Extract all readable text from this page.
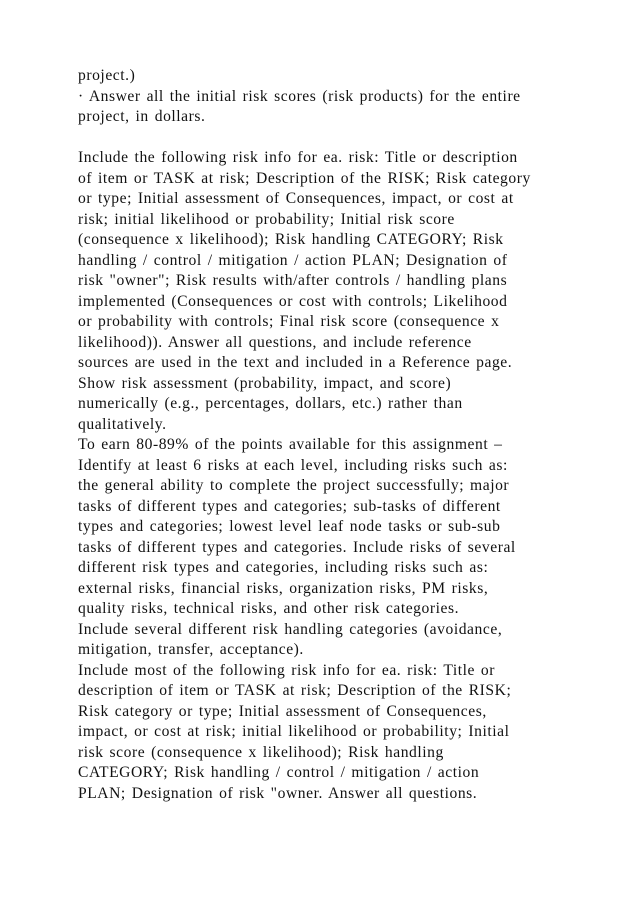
project.)
· Answer all the initial risk scores (risk products) for the entire
project, in dollars.
Include the following risk info for ea. risk: Title or description
of item or TASK at risk; Description of the RISK; Risk category
or type; Initial assessment of Consequences, impact, or cost at
risk; initial likelihood or probability; Initial risk score
(consequence x likelihood); Risk handling CATEGORY; Risk
handling / control / mitigation / action PLAN; Designation of
risk "owner"; Risk results with/after controls / handling plans
implemented (Consequences or cost with controls; Likelihood
or probability with controls; Final risk score (consequence x
likelihood)). Answer all questions, and include reference
sources are used in the text and included in a Reference page.
Show risk assessment (probability, impact, and score)
numerically (e.g., percentages, dollars, etc.) rather than
qualitatively.
To earn 80-89% of the points available for this assignment –
Identify at least 6 risks at each level, including risks such as:
the general ability to complete the project successfully; major
tasks of different types and categories; sub-tasks of different
types and categories; lowest level leaf node tasks or sub-sub
tasks of different types and categories. Include risks of several
different risk types and categories, including risks such as:
external risks, financial risks, organization risks, PM risks,
quality risks, technical risks, and other risk categories.
Include several different risk handling categories (avoidance,
mitigation, transfer, acceptance).
Include most of the following risk info for ea. risk: Title or
description of item or TASK at risk; Description of the RISK;
Risk category or type; Initial assessment of Consequences,
impact, or cost at risk; initial likelihood or probability; Initial
risk score (consequence x likelihood); Risk handling
CATEGORY; Risk handling / control / mitigation / action
PLAN; Designation of risk "owner. Answer all questions.
